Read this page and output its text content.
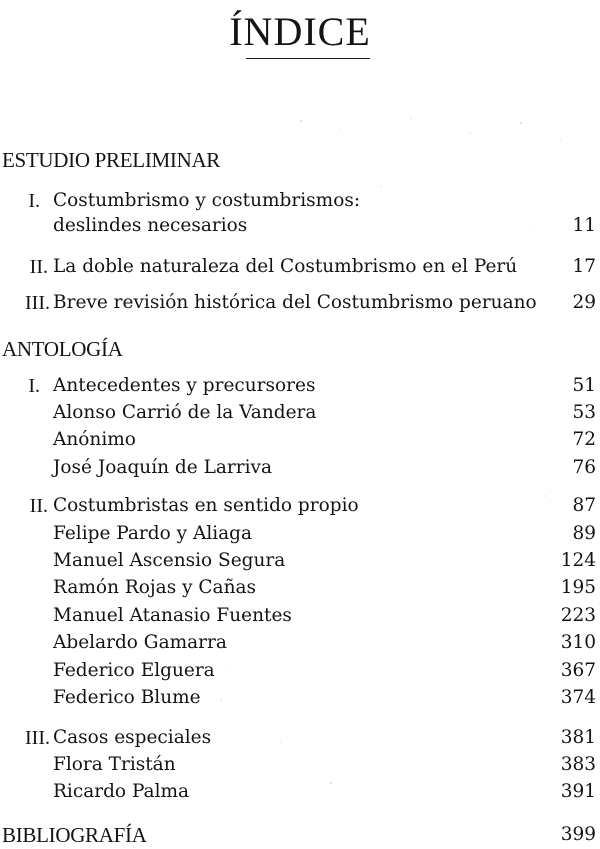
ÍNDICE
ESTUDIO PRELIMINAR
I. Costumbrismo y costumbrismos:
deslindes necesarios	11
II. La doble naturaleza del Costumbrismo en el Perú	17
III. Breve revisión histórica del Costumbrismo peruano 29
ANTOLOGÍA
I. Antecedentes y precursores	51
Alonso Carrió de la Vandera	53
Anónimo	72
José Joaquín de Larriva	76
II. Costumbristas en sentido propio	87
Felipe Pardo y Aliaga	89
Manuel Ascensio Segura	124
Ramón Rojas y Cañas	195
Manuel Atanasio Fuentes	223
Abelardo Gamarra	310
Federico Elguera	367
Federico Blume	374
III. Casos especiales	381
Flora Tristán	383
Ricardo Palma	391
BIBLIOGRAFÍA	399
